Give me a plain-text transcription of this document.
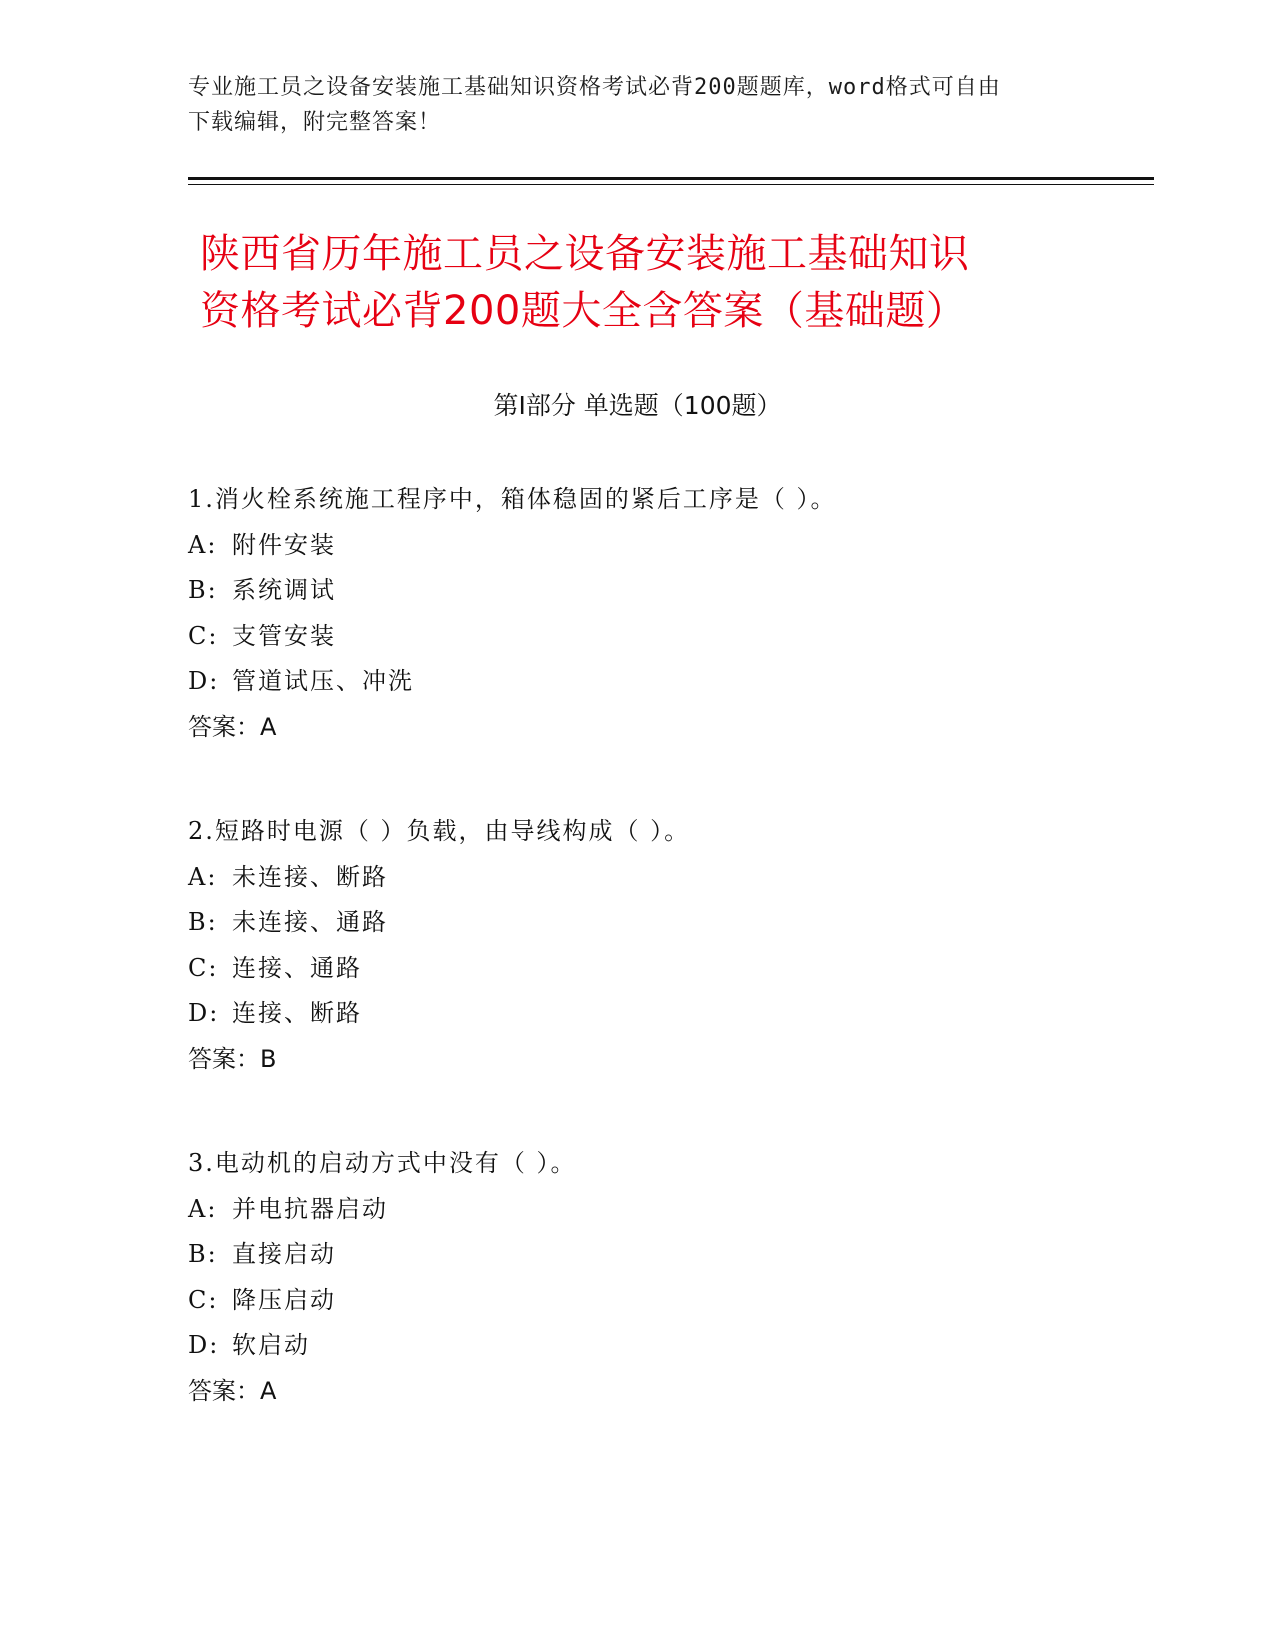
专业施工员之设备安装施工基础知识资格考试必背200题题库，word格式可自由
下载编辑，附完整答案！
陕西省历年施工员之设备安装施工基础知识
资格考试必背200题大全含答案（基础题）
第Ⅰ部分 单选题（100题）
1.消火栓系统施工程序中，箱体稳固的紧后工序是（ ）。
A: 附件安装
B: 系统调试
C: 支管安装
D: 管道试压、冲洗
答案：A
2.短路时电源（ ）负载，由导线构成（ ）。
A: 未连接、断路
B: 未连接、通路
C: 连接、通路
D: 连接、断路
答案：B
3.电动机的启动方式中没有（ ）。
A: 并电抗器启动
B: 直接启动
C: 降压启动
D: 软启动
答案：A
